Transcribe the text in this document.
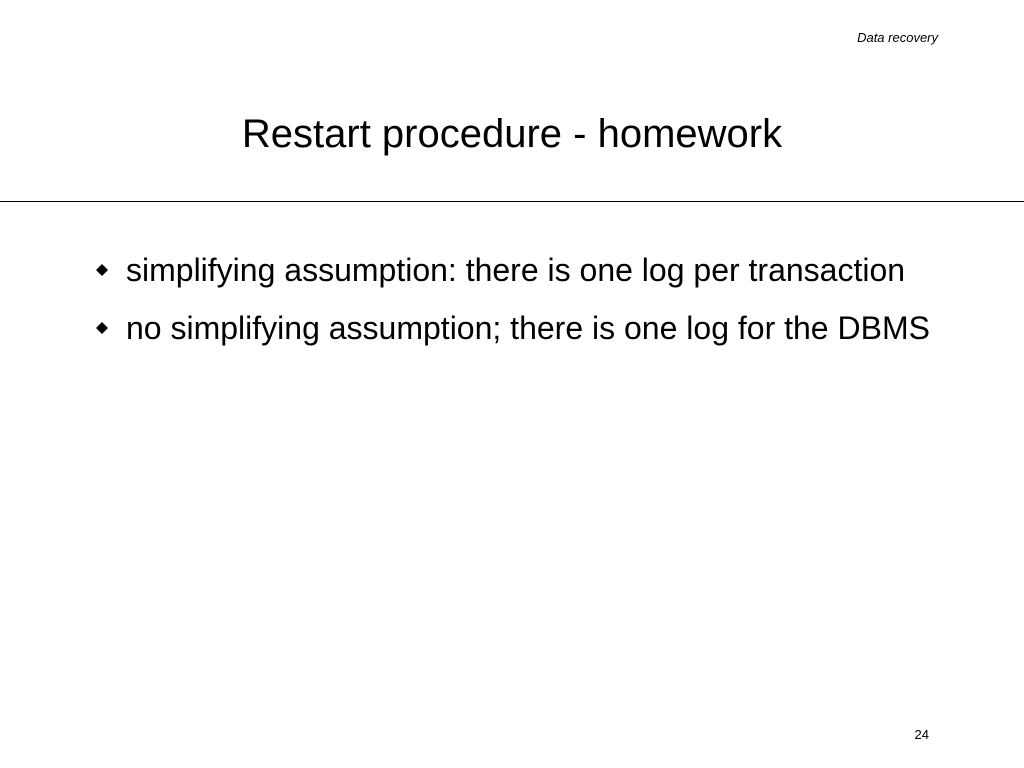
Data recovery
Restart procedure - homework
simplifying assumption: there is one log per transaction
no simplifying assumption; there is one log for the DBMS
24
